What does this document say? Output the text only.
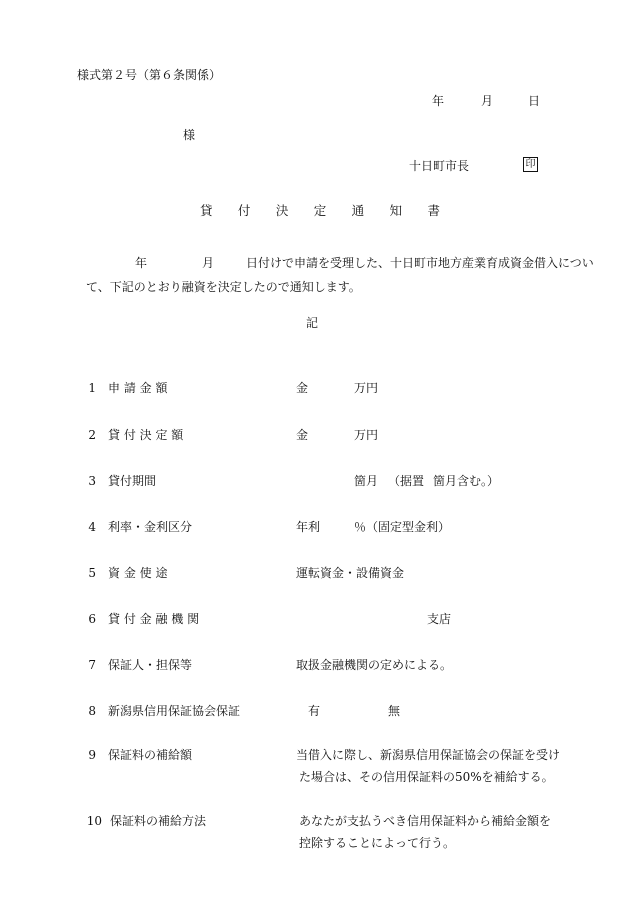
様式第２号（第６条関係）
年	月	日
様
十日町市長	印
貸 付 決 定 通 知 書
年	月	日付けで申請を受理した、十日町市地方産業育成資金借入につい
て、下記のとおり融資を決定したので通知します。
記
1 申 請 金 額	金	万円
2 貸 付 決 定 額	金	万円
3 貸付期間	箇月 （据置 箇月含む。）
4 利率・金利区分	年利	％（固定型金利）
5 資 金 使 途	運転資金・設備資金
6 貸 付 金 融 機 関	支店
7 保証人・担保等	取扱金融機関の定めによる。
8 新潟県信用保証協会保証	有	無
9 保証料の補給額	当借入に際し、新潟県信用保証協会の保証を受け
た場合は、その信用保証料の50%を補給する。
10 保証料の補給方法	あなたが支払うべき信用保証料から補給金額を
控除することによって行う。
